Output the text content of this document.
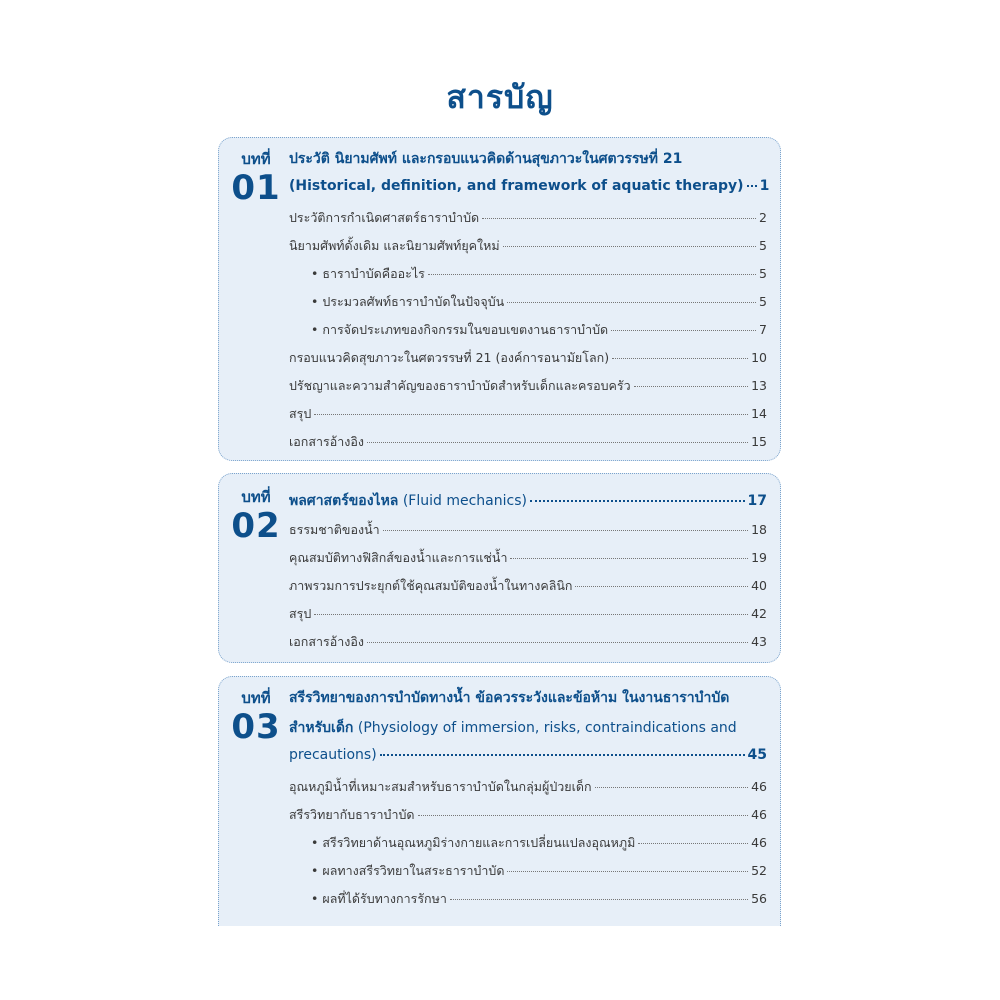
สารบัญ
บทที่
01
ประวัติ นิยามศัพท์ และกรอบแนวคิดด้านสุขภาวะในศตวรรษที่ 21
(Historical, definition, and framework of aquatic therapy) 1
ประวัติการกำเนิดศาสตร์ธาราบำบัด	2
นิยามศัพท์ดั้งเดิม และนิยามศัพท์ยุคใหม่	5
• ธาราบำบัดคืออะไร	5
• ประมวลศัพท์ธาราบำบัดในปัจจุบัน	5
• การจัดประเภทของกิจกรรมในขอบเขตงานธาราบำบัด	7
กรอบแนวคิดสุขภาวะในศตวรรษที่ 21 (องค์การอนามัยโลก)	10
ปรัชญาและความสำคัญของธาราบำบัดสำหรับเด็กและครอบครัว	13
สรุป	14
เอกสารอ้างอิง	15
บทที่
02
พลศาสตร์ของไหล (Fluid mechanics)	17
ธรรมชาติของน้ำ	18
คุณสมบัติทางฟิสิกส์ของน้ำและการแช่น้ำ	19
ภาพรวมการประยุกต์ใช้คุณสมบัติของน้ำในทางคลินิก	40
สรุป	42
เอกสารอ้างอิง	43
บทที่
03
สรีรวิทยาของการบำบัดทางน้ำ ข้อควรระวังและข้อห้าม ในงานธาราบำบัด
สำหรับเด็ก (Physiology of immersion, risks, contraindications and
precautions)	45
อุณหภูมิน้ำที่เหมาะสมสำหรับธาราบำบัดในกลุ่มผู้ป่วยเด็ก	46
สรีรวิทยากับธาราบำบัด	46
• สรีรวิทยาด้านอุณหภูมิร่างกายและการเปลี่ยนแปลงอุณหภูมิ	46
• ผลทางสรีรวิทยาในสระธาราบำบัด	52
• ผลที่ได้รับทางการรักษา	56
